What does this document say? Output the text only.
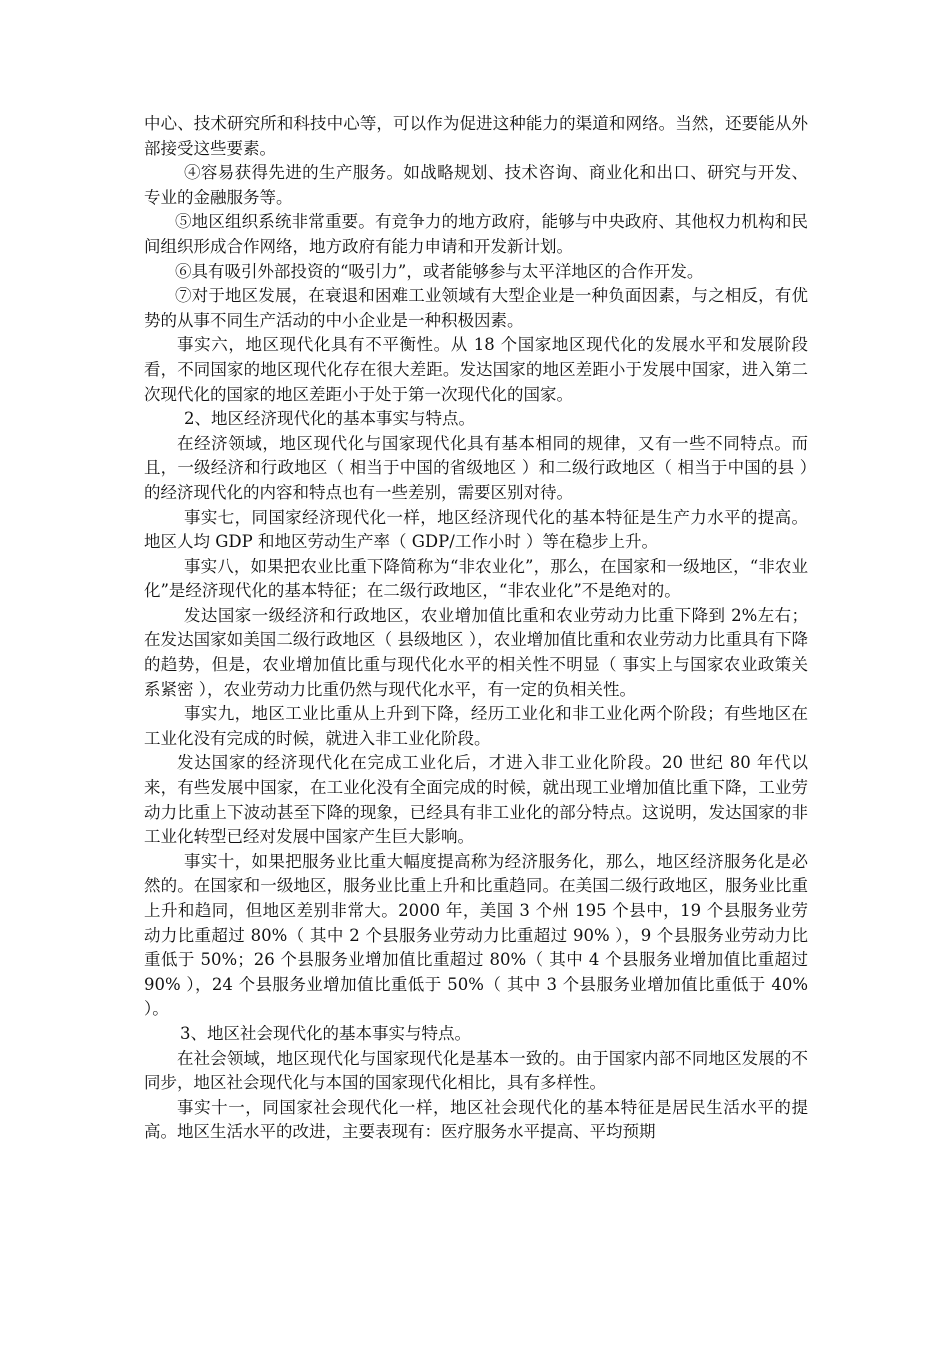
中心、技术研究所和科技中心等，可以作为促进这种能力的渠道和网络。当然，还要能从外部接受这些要素。

④容易获得先进的生产服务。如战略规划、技术咨询、商业化和出口、研究与开发、专业的金融服务等。

⑤地区组织系统非常重要。有竞争力的地方政府，能够与中央政府、其他权力机构和民间组织形成合作网络，地方政府有能力申请和开发新计划。

⑥具有吸引外部投资的“吸引力”，或者能够参与太平洋地区的合作开发。

⑦对于地区发展，在衰退和困难工业领域有大型企业是一种负面因素，与之相反，有优势的从事不同生产活动的中小企业是一种积极因素。

事实六，地区现代化具有不平衡性。从 18 个国家地区现代化的发展水平和发展阶段看，不同国家的地区现代化存在很大差距。发达国家的地区差距小于发展中国家，进入第二次现代化的国家的地区差距小于处于第一次现代化的国家。

2、地区经济现代化的基本事实与特点。

在经济领域，地区现代化与国家现代化具有基本相同的规律，又有一些不同特点。而且，一级经济和行政地区（ 相当于中国的省级地区 ）和二级行政地区（ 相当于中国的县 ）的经济现代化的内容和特点也有一些差别，需要区别对待。

事实七，同国家经济现代化一样，地区经济现代化的基本特征是生产力水平的提高。地区人均 GDP 和地区劳动生产率（ GDP/工作小时 ）等在稳步上升。

事实八，如果把农业比重下降简称为“非农业化”，那么，在国家和一级地区，“非农业化”是经济现代化的基本特征；在二级行政地区，“非农业化”不是绝对的。

发达国家一级经济和行政地区，农业增加值比重和农业劳动力比重下降到 2%左右；在发达国家如美国二级行政地区（ 县级地区 ），农业增加值比重和农业劳动力比重具有下降的趋势，但是，农业增加值比重与现代化水平的相关性不明显（ 事实上与国家农业政策关系紧密 ），农业劳动力比重仍然与现代化水平，有一定的负相关性。

事实九，地区工业比重从上升到下降，经历工业化和非工业化两个阶段；有些地区在工业化没有完成的时候，就进入非工业化阶段。

发达国家的经济现代化在完成工业化后，才进入非工业化阶段。20 世纪 80 年代以来，有些发展中国家，在工业化没有全面完成的时候，就出现工业增加值比重下降，工业劳动力比重上下波动甚至下降的现象，已经具有非工业化的部分特点。这说明，发达国家的非工业化转型已经对发展中国家产生巨大影响。

事实十，如果把服务业比重大幅度提高称为经济服务化，那么，地区经济服务化是必然的。在国家和一级地区，服务业比重上升和比重趋同。在美国二级行政地区，服务业比重上升和趋同，但地区差别非常大。2000 年，美国 3 个州 195 个县中，19 个县服务业劳动力比重超过 80%（ 其中 2 个县服务业劳动力比重超过 90% ），9 个县服务业劳动力比重低于 50%；26 个县服务业增加值比重超过 80%（ 其中 4 个县服务业增加值比重超过 90% ），24 个县服务业增加值比重低于 50%（ 其中 3 个县服务业增加值比重低于 40% ）。

3、地区社会现代化的基本事实与特点。

在社会领域，地区现代化与国家现代化是基本一致的。由于国家内部不同地区发展的不同步，地区社会现代化与本国的国家现代化相比，具有多样性。

事实十一，同国家社会现代化一样，地区社会现代化的基本特征是居民生活水平的提高。地区生活水平的改进，主要表现有：医疗服务水平提高、平均预期
